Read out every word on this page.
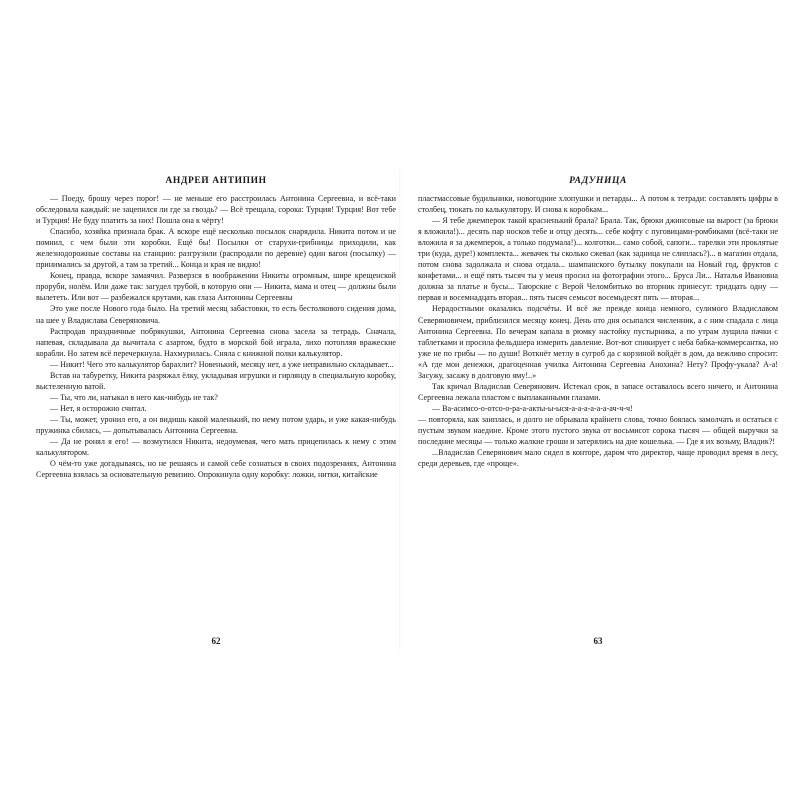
АНДРЕЙ АНТИПИН

— Поеду, брошу через порог! — не меньше его расстроилась Антонина Сергеевна, и всё-таки обследовала каждый: не зацепился ли где за гвоздь? — Всё трещала, сорока: Турция! Турция! Вот тебе и Турция! Не буду платить за них! Пошла она к чёрту!

Спасибо, хозяйка признала брак. А вскоре ещё несколько посылок снарядила. Никита потом и не помнил, с чем были эти коробки. Ещё бы! Посылки от старухи-грибницы приходили, как железнодорожные составы на станцию: разгрузили (распродали по деревне) один вагон (посылку) — принимались за другой, а там за третий... Конца и края не видно!

Конец, правда, вскоре замаячил. Разверзся в воображении Никиты огромным, шире крещенской проруби, нолём. Или даже так: загудел трубой, в которую они — Никита, мама и отец — должны были вылететь. Или вот — разбежался крутами, как глаза Антонины Сергеевны

Это уже после Нового года было. На третий месяц забастовки, то есть бестолкового сидения дома, на шее у Владислава Северяновича.

Распродав праздничные побрякушки, Антонина Сергеевна снова засела за тетрадь. Сначала, напевая, складывала да вычитала с азартом, будто в морской бой играла, лихо потопляя вражеские корабли. Но затем всё перечеркнула. Нахмурилась. Сняла с книжной полки калькулятор.

— Никит! Чего это калькулятор барахлит? Новенький, месяцу нет, а уже неправильно складывает...

Встав на табуретку, Никита разряжал ёлку, укладывая игрушки и гирлянду в специальную коробку, выстеленную ватой.

— Ты, что ли, натыкал в него как-нибудь не так?

— Нет, я осторожно считал.

— Ты, может, уронил его, а он видишь какой маленький, по нему потом ударь, и уже какая-нибудь пружинка сбилась, — допытывалась Антонина Сергеевна.

— Да не ронял я его! — возмутился Никита, недоумевая, чего мать прицепилась к нему с этим калькулятором.

О чём-то уже догадываясь, но не решаясь и самой себе сознаться в своих подозрениях, Антонина Сергеевна взялась за основательную ревизию. Опрокинула одну коробку: ложки, нитки, китайские

62
РАДУНИЦА

пластмассовые будильники, новогодние хлопушки и петарды... А потом к тетради: составлять цифры в столбец, тюкать по калькулятору. И снова к коробкам...

— Я тебе джемперок такой красненький брала? Брала. Так, брюки джинсовые на вырост (за брюки я вложила!)... десять пар носков тебе и отцу десять... себе кофту с пуговицами-ромбиками (всё-таки не вложила я за джемперок, а только подумала!)... колготки... само собой, сапоги... тарелки эти проклятые три (куда, дуре!) комплекта... жевачек ты сколько сжевал (как задница не слиплась?)... в магазин отдала, потом снова задолжала и снова отдала... шампанского бутылку покупали на Новый год, фруктов с конфетами... и ещё пять тысяч ты у меня просил на фотографии этого... Бруса Ли... Наталья Ивановна должна за платье и бусы... Таюрские с Верой Челомбитько во вторник принесут: тридцать одну — первая и восемнадцать вторая... пять тысяч семьсот восемьдесят пять — вторая...

Нерадостными оказались подсчёты. И всё же прежде конца немного, сулимого Владиславом Северяновичем, приблизился месяцу конец. День ото дня осыпался численник, а с ним спадала с лица Антонина Сергеевна. По вечерам капала в рюмку настойку пустырника, а по утрам лущила пачки с таблетками и просила фельдшера измерить давление. Вот-вот спикирует с неба бабка-коммерсантка, но уже не по грибы — по души! Воткнёт метлу в сугроб да с корзиной войдёт в дом, да вежливо спросит: «А где мои денежки, драгоценная училка Антонина Сергеевна Анохина? Нету? Профу-укала? А-а! Засужу, засажу в долговую яму!..»

Так кричал Владислав Северянович. Истекал срок, в запасе оставалось всего ничего, и Антонина Сергеевна лежала пластом с выплаканными глазами.

— Ва-асимсо-о-отсо-о-ра-а-акты-ы-ыся-а-а-а-а-а-а-ач-ч-ч!

— повторяла, как заиплась, и долго не обрывала крайнего слова, точно боялась замолчать и остаться с пустым звуком наедине. Кроме этого пустого звука от восьмисот сорока тысяч — общей выручки за последние месяцы — только жалкие гроши и затерялись на дне кошелька. — Где я их возьму, Владик?!

...Владислав Северянович мало сидел в конторе, даром что директор, чаще проводил время в лесу, среди деревьев, где «проще».

63
